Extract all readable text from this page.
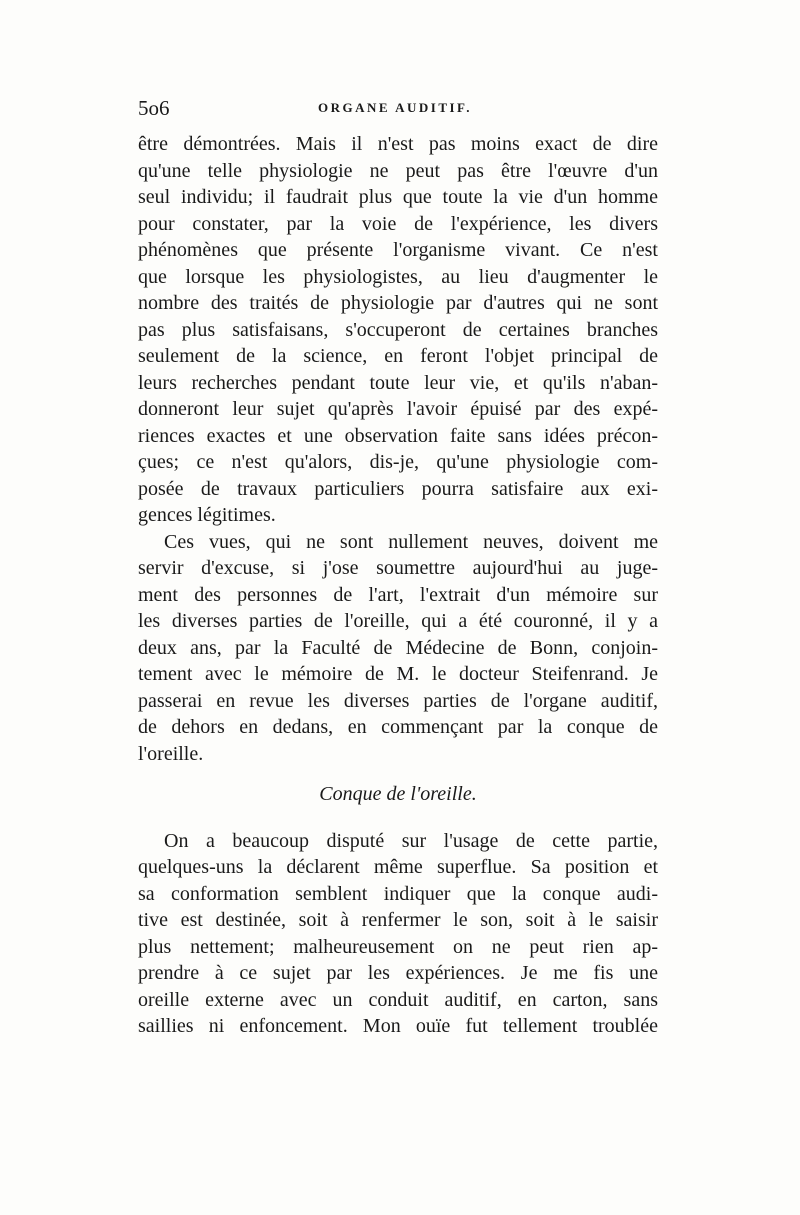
5o6	ORGANE AUDITIF.
être démontrées. Mais il n'est pas moins exact de dire
qu'une telle physiologie ne peut pas être l'œuvre d'un
seul individu; il faudrait plus que toute la vie d'un homme
pour constater, par la voie de l'expérience, les divers
phénomènes que présente l'organisme vivant. Ce n'est
que lorsque les physiologistes, au lieu d'augmenter le
nombre des traités de physiologie par d'autres qui ne sont
pas plus satisfaisans, s'occuperont de certaines branches
seulement de la science, en feront l'objet principal de
leurs recherches pendant toute leur vie, et qu'ils n'aban-
donneront leur sujet qu'après l'avoir épuisé par des expé-
riences exactes et une observation faite sans idées précon-
çues; ce n'est qu'alors, dis-je, qu'une physiologie com-
posée de travaux particuliers pourra satisfaire aux exi-
gences légitimes.
Ces vues, qui ne sont nullement neuves, doivent me
servir d'excuse, si j'ose soumettre aujourd'hui au juge-
ment des personnes de l'art, l'extrait d'un mémoire sur
les diverses parties de l'oreille, qui a été couronné, il y a
deux ans, par la Faculté de Médecine de Bonn, conjoin-
tement avec le mémoire de M. le docteur Steifenrand. Je
passerai en revue les diverses parties de l'organe auditif,
de dehors en dedans, en commençant par la conque de
l'oreille.
Conque de l'oreille.
On a beaucoup disputé sur l'usage de cette partie,
quelques-uns la déclarent même superflue. Sa position et
sa conformation semblent indiquer que la conque audi-
tive est destinée, soit à renfermer le son, soit à le saisir
plus nettement; malheureusement on ne peut rien ap-
prendre à ce sujet par les expériences. Je me fis une
oreille externe avec un conduit auditif, en carton, sans
saillies ni enfoncement. Mon ouïe fut tellement troublée
